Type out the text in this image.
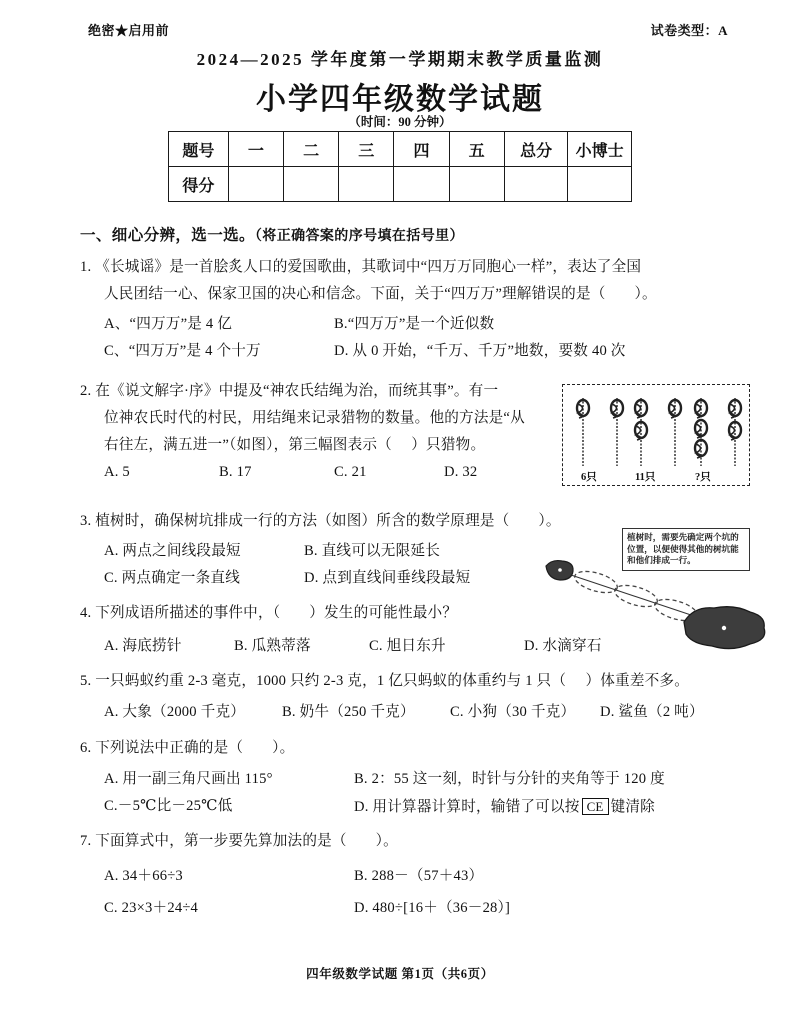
绝密★启用前	试卷类型：A
2024—2025 学年度第一学期期末教学质量监测
小学四年级数学试题
（时间：90 分钟）
题号	一	二	三	四	五	总分	小博士
得分							
一、细心分辨，选一选。（将正确答案的序号填在括号里）
1. 《长城谣》是一首脍炙人口的爱国歌曲，其歌词中“四万万同胞心一样”，表达了全国
人民团结一心、保家卫国的决心和信念。下面，关于“四万万”理解错误的是（ ）。
A、“四万万”是 4 亿	B.“四万万”是一个近似数
C、“四万万”是 4 个十万	D. 从 0 开始，“千万、千万”地数，要数 40 次
2. 在《说文解字·序》中提及“神农氏结绳为治，而统其事”。有一
位神农氏时代的村民，用结绳来记录猎物的数量。他的方法是“从
右往左，满五进一”（如图），第三幅图表示（ ）只猎物。
A. 5	B. 17	C. 21	D. 32	6只	11只	?只
3. 植树时，确保树坑排成一行的方法（如图）所含的数学原理是（ ）。
A. 两点之间线段最短	B. 直线可以无限延长
C. 两点确定一条直线	D. 点到直线间垂线段最短
植树时，需要先确定两个坑的位置，以便使得其他的树坑能和他们排成一行。
4. 下列成语所描述的事件中，（ ）发生的可能性最小？
A. 海底捞针	B. 瓜熟蒂落	C. 旭日东升	D. 水滴穿石
5. 一只蚂蚁约重 2-3 毫克，1000 只约 2-3 克，1 亿只蚂蚁的体重约与 1 只（ ）体重差不多。
A. 大象（2000 千克）	B. 奶牛（250 千克）	C. 小狗（30 千克）	D. 鲨鱼（2 吨）
6. 下列说法中正确的是（ ）。
A. 用一副三角尺画出 115°	B. 2：55 这一刻，时针与分针的夹角等于 120 度
C.－5℃比－25℃低	D. 用计算器计算时，输错了可以按 CE 键清除
7. 下面算式中，第一步要先算加法的是（ ）。
A. 34＋66÷3	B. 288－（57＋43）
C. 23×3＋24÷4	D. 480÷[16＋（36－28）]
四年级数学试题 第1页（共6页）
